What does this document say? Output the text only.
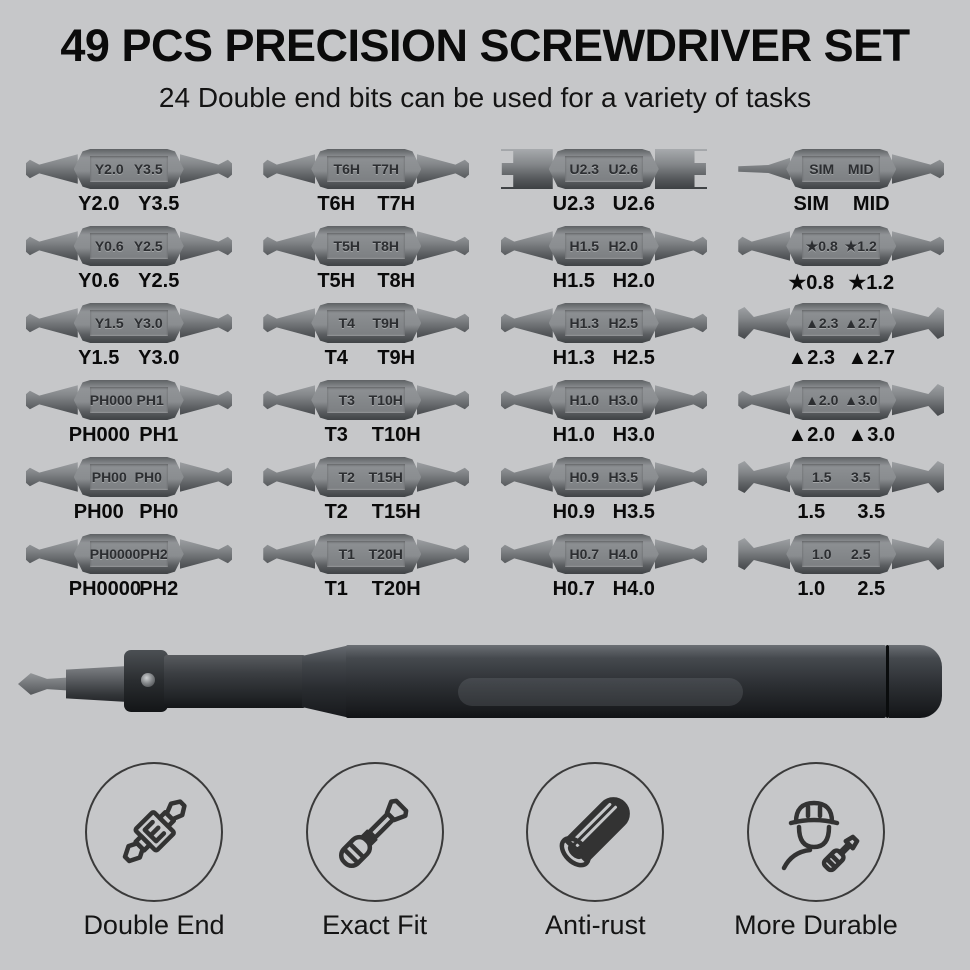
49 PCS PRECISION SCREWDRIVER SET
24 Double end bits can be used for a variety of tasks
Y2.0 Y3.5
Y2.0 Y3.5
T6H T7H
T6H	T7H
U2.3 U2.6
U2.3 U2.6
SIM MID
SIM	MID
Y0.6 Y2.5
Y0.6 Y2.5
T5H T8H
T5H	T8H
H1.5 H2.0
H1.5 H2.0
★0.8 ★1.2
★0.8 ★1.2
Y1.5 Y3.0
Y1.5 Y3.0
T4	T9H
T4	T9H
H1.3 H2.5
H1.3 H2.5
▲2.3 ▲2.7
▲2.3 ▲2.7
PH000 PH1
PH000 PH1
T3 T10H
T3	T10H
H1.0 H3.0
H1.0 H3.0
▲2.0 ▲3.0
▲2.0 ▲3.0
PH00 PH0
PH00 PH0
T2 T15H
T2	T15H
H0.9 H3.5
H0.9 H3.5
1.5	3.5
1.5	3.5
PH0000 PH2
PH0000
PH2
T1 T20H
T1	T20H
H0.7 H4.0
H0.7 H4.0
1.0	2.5
1.0	2.5
Double End	Exact Fit	Anti-rust	More Durable
